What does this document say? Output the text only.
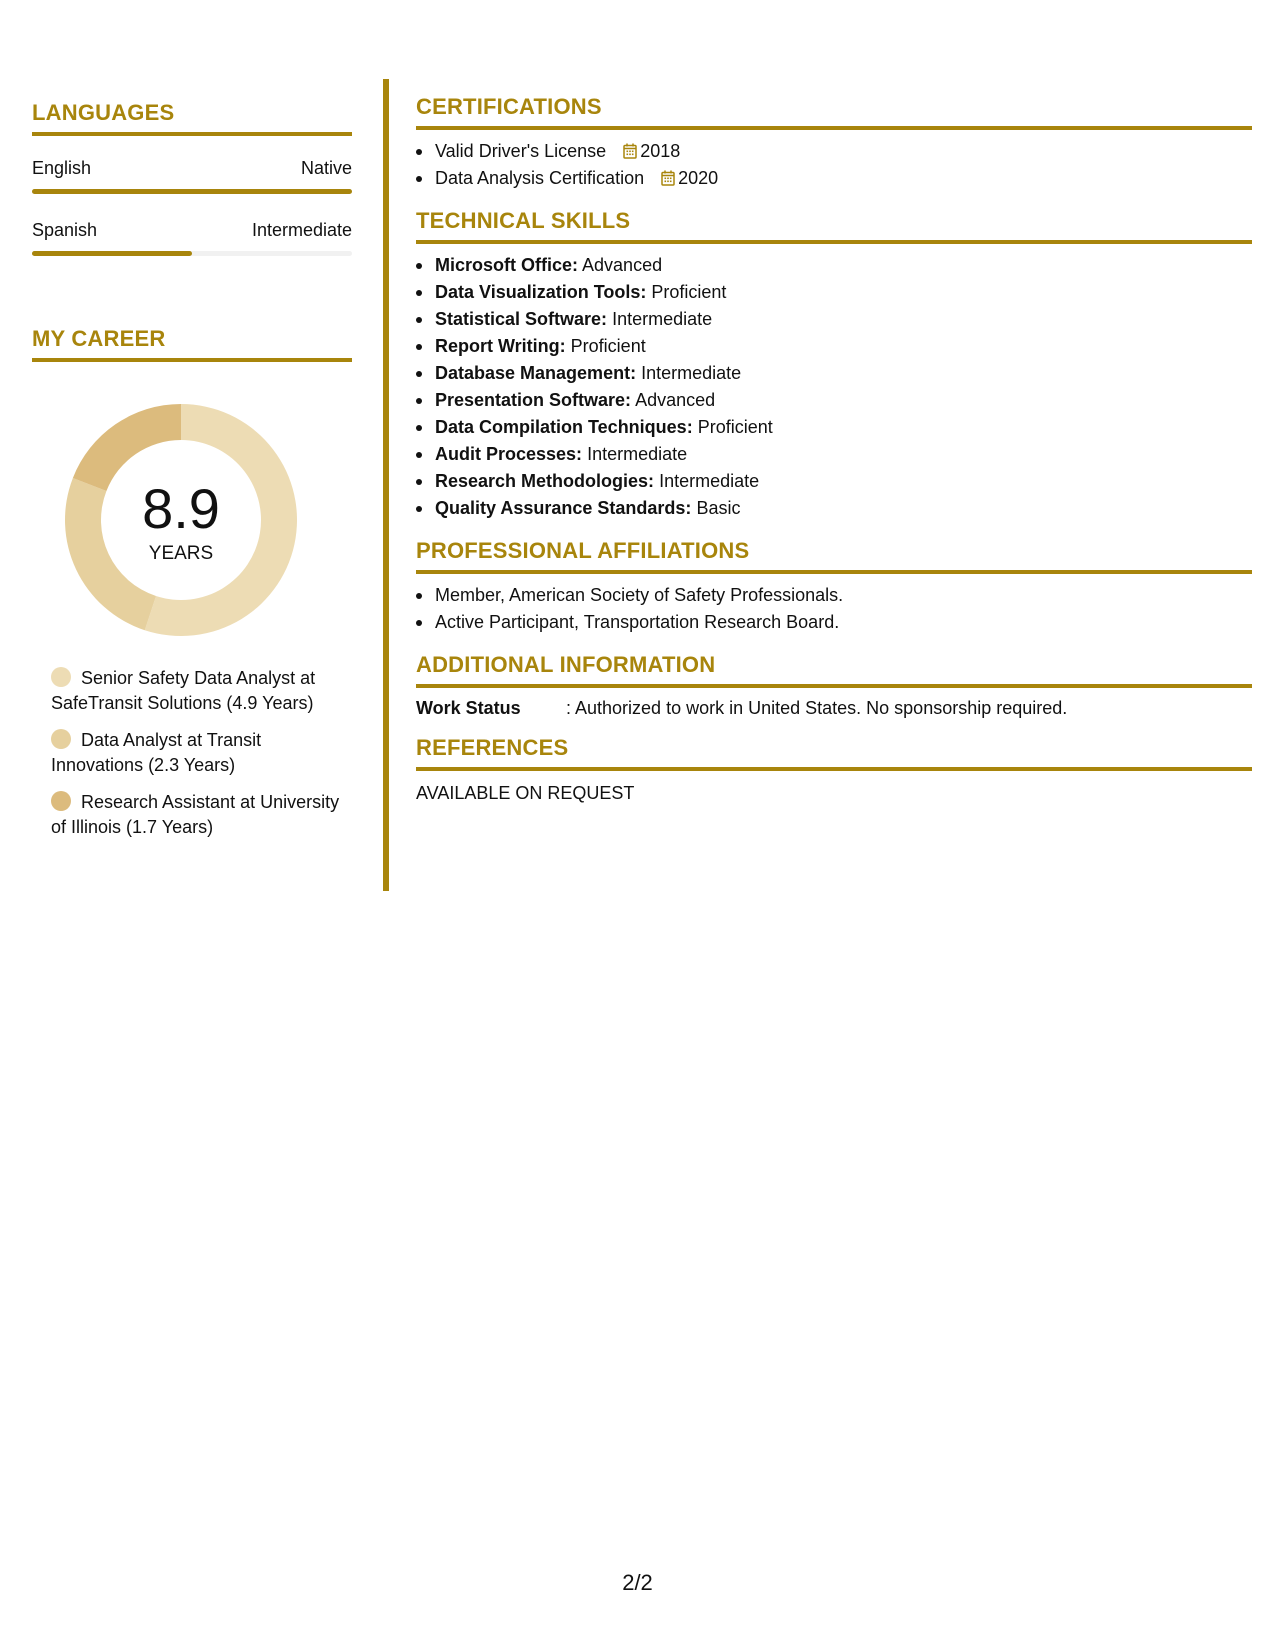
LANGUAGES
English	Native
Spanish	Intermediate
MY CAREER
8.9
YEARS
Senior Safety Data Analyst at SafeTransit Solutions (4.9 Years)
Data Analyst at Transit Innovations (2.3 Years)
Research Assistant at University of Illinois (1.7 Years)
CERTIFICATIONS
Valid Driver's License 2018
Data Analysis Certification 2020
TECHNICAL SKILLS
Microsoft Office: Advanced
Data Visualization Tools: Proficient
Statistical Software: Intermediate
Report Writing: Proficient
Database Management: Intermediate
Presentation Software: Advanced
Data Compilation Techniques: Proficient
Audit Processes: Intermediate
Research Methodologies: Intermediate
Quality Assurance Standards: Basic
PROFESSIONAL AFFILIATIONS
Member, American Society of Safety Professionals.
Active Participant, Transportation Research Board.
ADDITIONAL INFORMATION
Work Status	: Authorized to work in United States. No sponsorship required.
REFERENCES
AVAILABLE ON REQUEST
2/2
